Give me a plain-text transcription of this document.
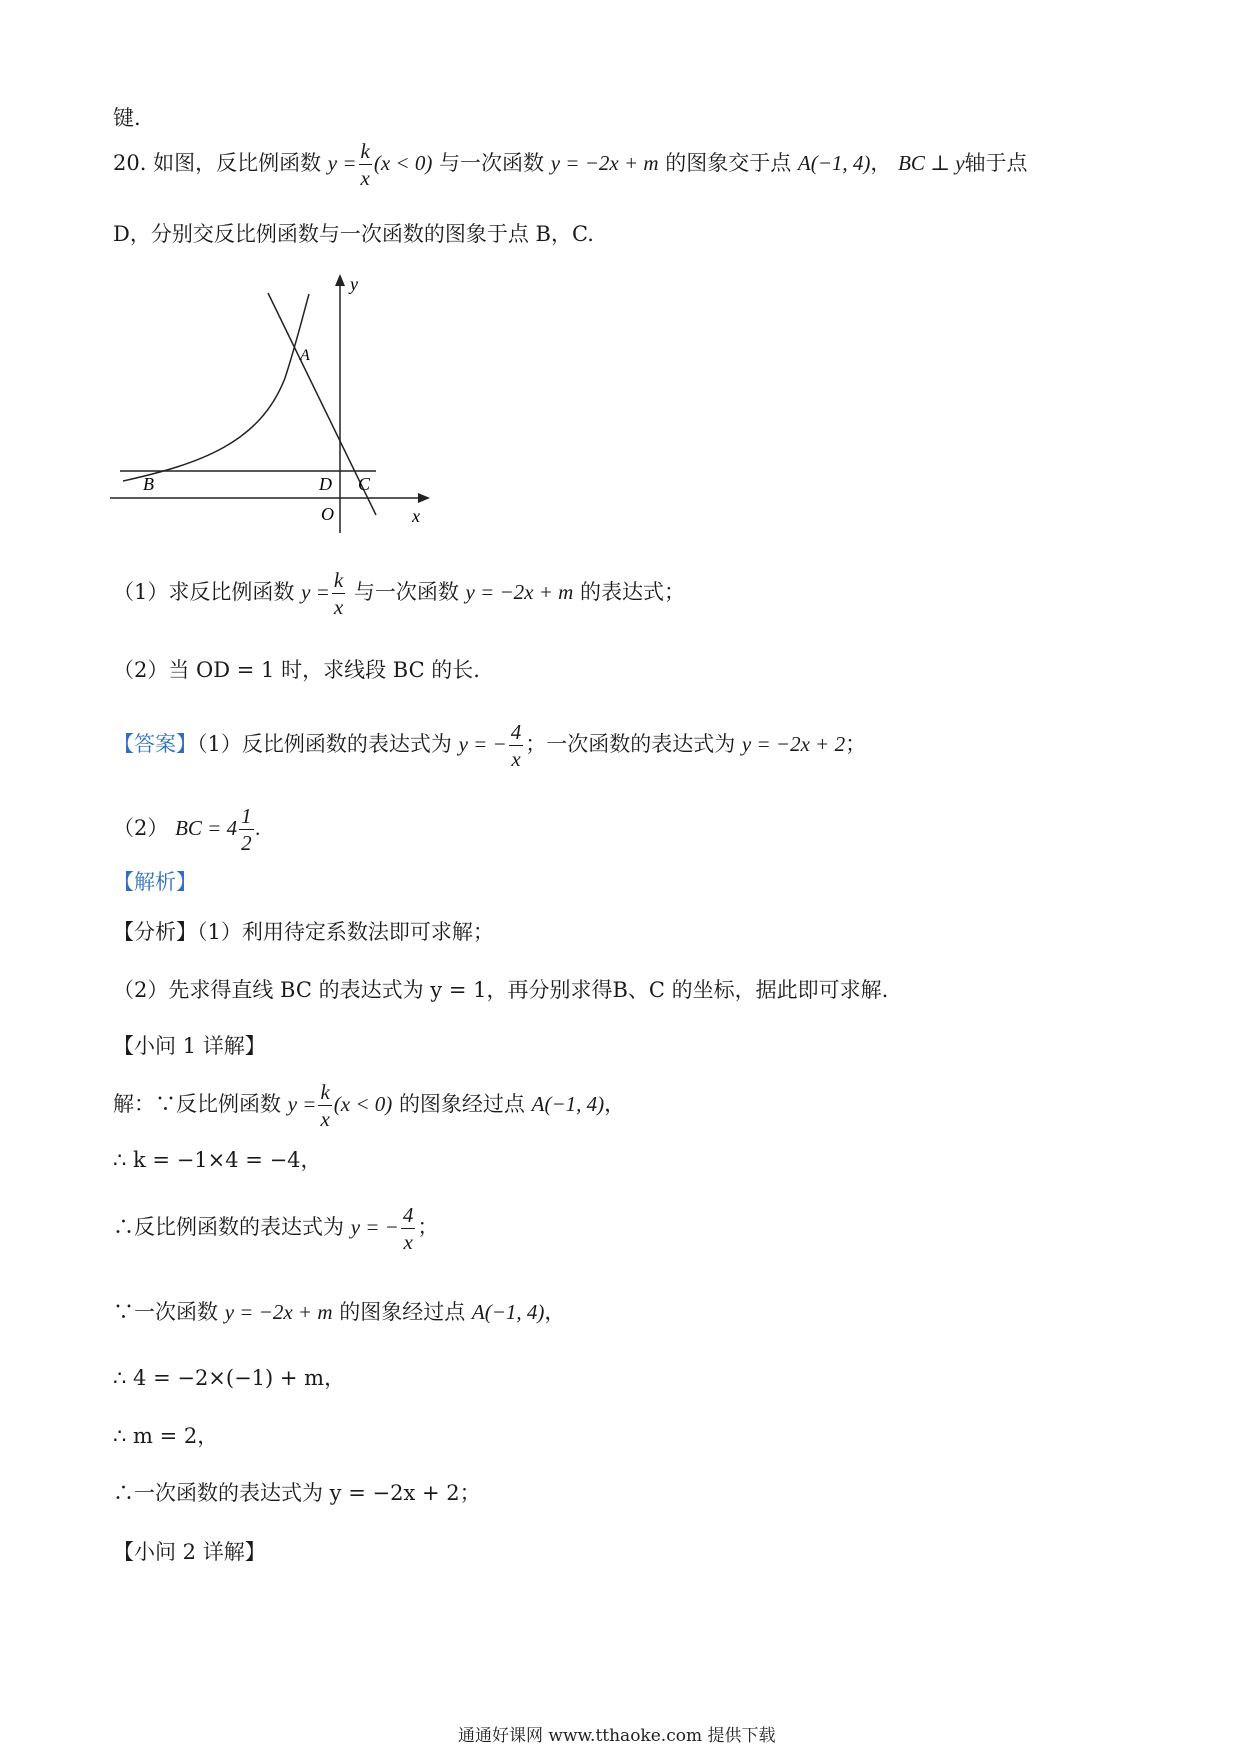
键.
20. 如图，反比例函数 $y = \frac{k}{x} (x < 0)$ 与一次函数 y = −2x + m 的图象交于点 A(−1, 4)， BC ⊥ y轴于点
D，分别交反比例函数与一次函数的图象于点 B，C.
y
x
A
B	D C
O
（1）求反比例函数 $y = \frac{k}{x}$ 与一次函数 y = −2x + m 的表达式；
（2）当 OD = 1 时，求线段 BC 的长.
【答案】（1）反比例函数的表达式为 y = − $\frac{4}{x}$ ；一次函数的表达式为 y = −2x + 2；
（2） BC = $4 \frac{1}{2}$ .
【解析】
【分析】（1）利用待定系数法即可求解；
（2）先求得直线 BC 的表达式为 y = 1，再分别求得B、C 的坐标，据此即可求解.
【小问 1 详解】
解：∵反比例函数 $y = \frac{k}{x} (x < 0)$ 的图象经过点 A(−1, 4)，
∴ k = −1×4 = −4，
∴反比例函数的表达式为 y = − $\frac{4}{x}$ ；
∵一次函数 y = −2x + m 的图象经过点 A(−1, 4)，
∴ 4 = −2×(−1) + m，
∴ m = 2，
∴一次函数的表达式为 y = −2x + 2；
【小问 2 详解】
通通好课网 www.tthaoke.com 提供下载
